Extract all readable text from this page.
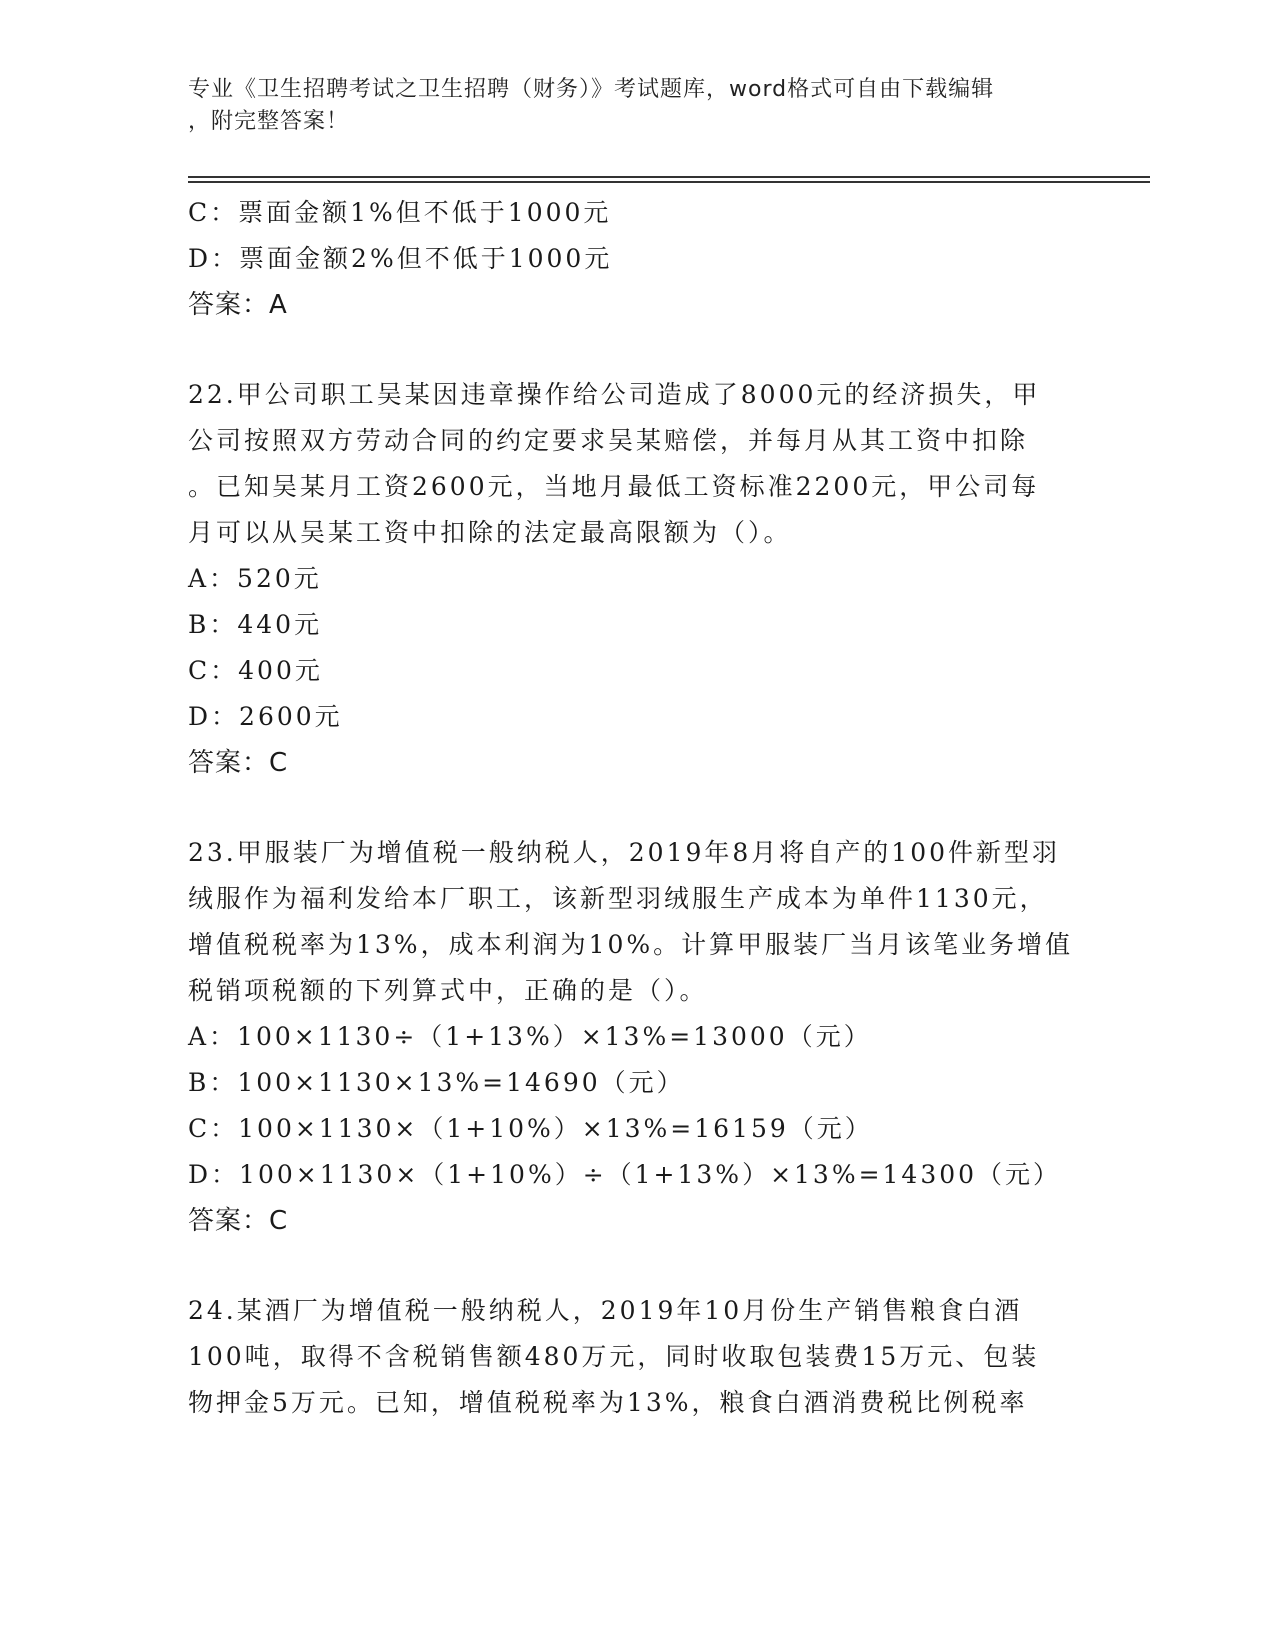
专业《卫生招聘考试之卫生招聘（财务）》考试题库，word格式可自由下载编辑
，附完整答案！
C：票面金额1%但不低于1000元
D：票面金额2%但不低于1000元
答案：A
22.甲公司职工吴某因违章操作给公司造成了8000元的经济损失，甲
公司按照双方劳动合同的约定要求吴某赔偿，并每月从其工资中扣除
。已知吴某月工资2600元，当地月最低工资标准2200元，甲公司每
月可以从吴某工资中扣除的法定最高限额为（）。
A：520元
B：440元
C：400元
D：2600元
答案：C
23.甲服装厂为增值税一般纳税人，2019年8月将自产的100件新型羽
绒服作为福利发给本厂职工，该新型羽绒服生产成本为单件1130元，
增值税税率为13%，成本利润为10%。计算甲服装厂当月该笔业务增值
税销项税额的下列算式中，正确的是（）。
A：100×1130÷（1+13%）×13%=13000（元）
B：100×1130×13%=14690（元）
C：100×1130×（1+10%）×13%=16159（元）
D：100×1130×（1+10%）÷（1+13%）×13%=14300（元）
答案：C
24.某酒厂为增值税一般纳税人，2019年10月份生产销售粮食白酒
100吨，取得不含税销售额480万元，同时收取包装费15万元、包装
物押金5万元。已知，增值税税率为13%，粮食白酒消费税比例税率
